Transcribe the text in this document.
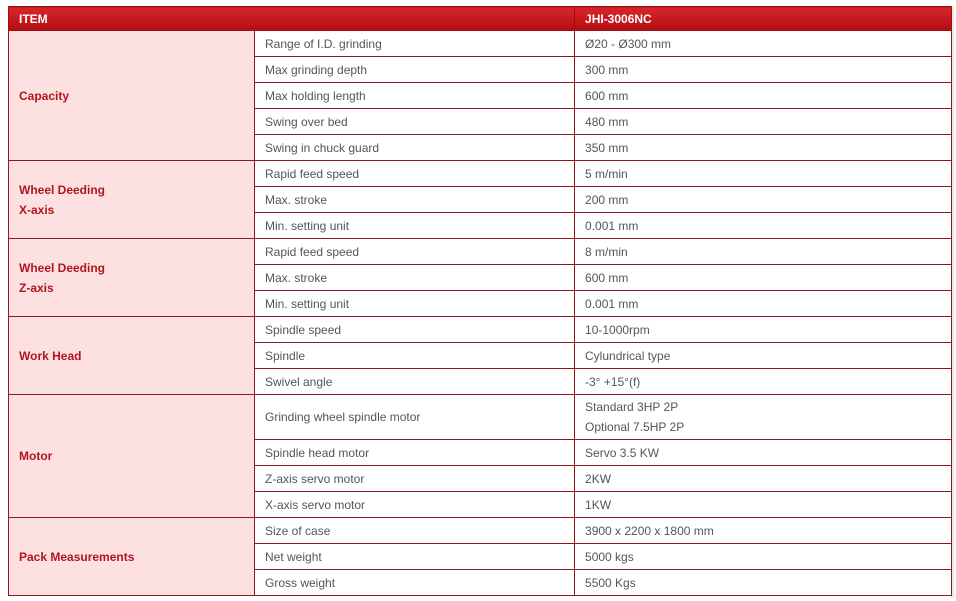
ITEM		JHI-3006NC

Capacity	Range of I.D. grinding	Ø20 - Ø300 mm

	Max grinding depth	300 mm

	Max holding length	600 mm

	Swing over bed	480 mm

	Swing in chuck guard	350 mm

Wheel Deeding
X-axis	Rapid feed speed	5 m/min

	Max. stroke	200 mm

	Min. setting unit	0.001 mm

Wheel Deeding
Z-axis	Rapid feed speed	8 m/min

	Max. stroke	600 mm

	Min. setting unit	0.001 mm

Work Head	Spindle speed	10-1000rpm

	Spindle	Cylundrical type

	Swivel angle	-3° +15°(f)

Motor	Grinding wheel spindle motor	Standard 3HP 2P
Optional 7.5HP 2P

	Spindle head motor	Servo 3.5 KW

	Z-axis servo motor	2KW

	X-axis servo motor	1KW

Pack Measurements	Size of case	3900 x 2200 x 1800 mm

	Net weight	5000 kgs

	Gross weight	5500 Kgs
